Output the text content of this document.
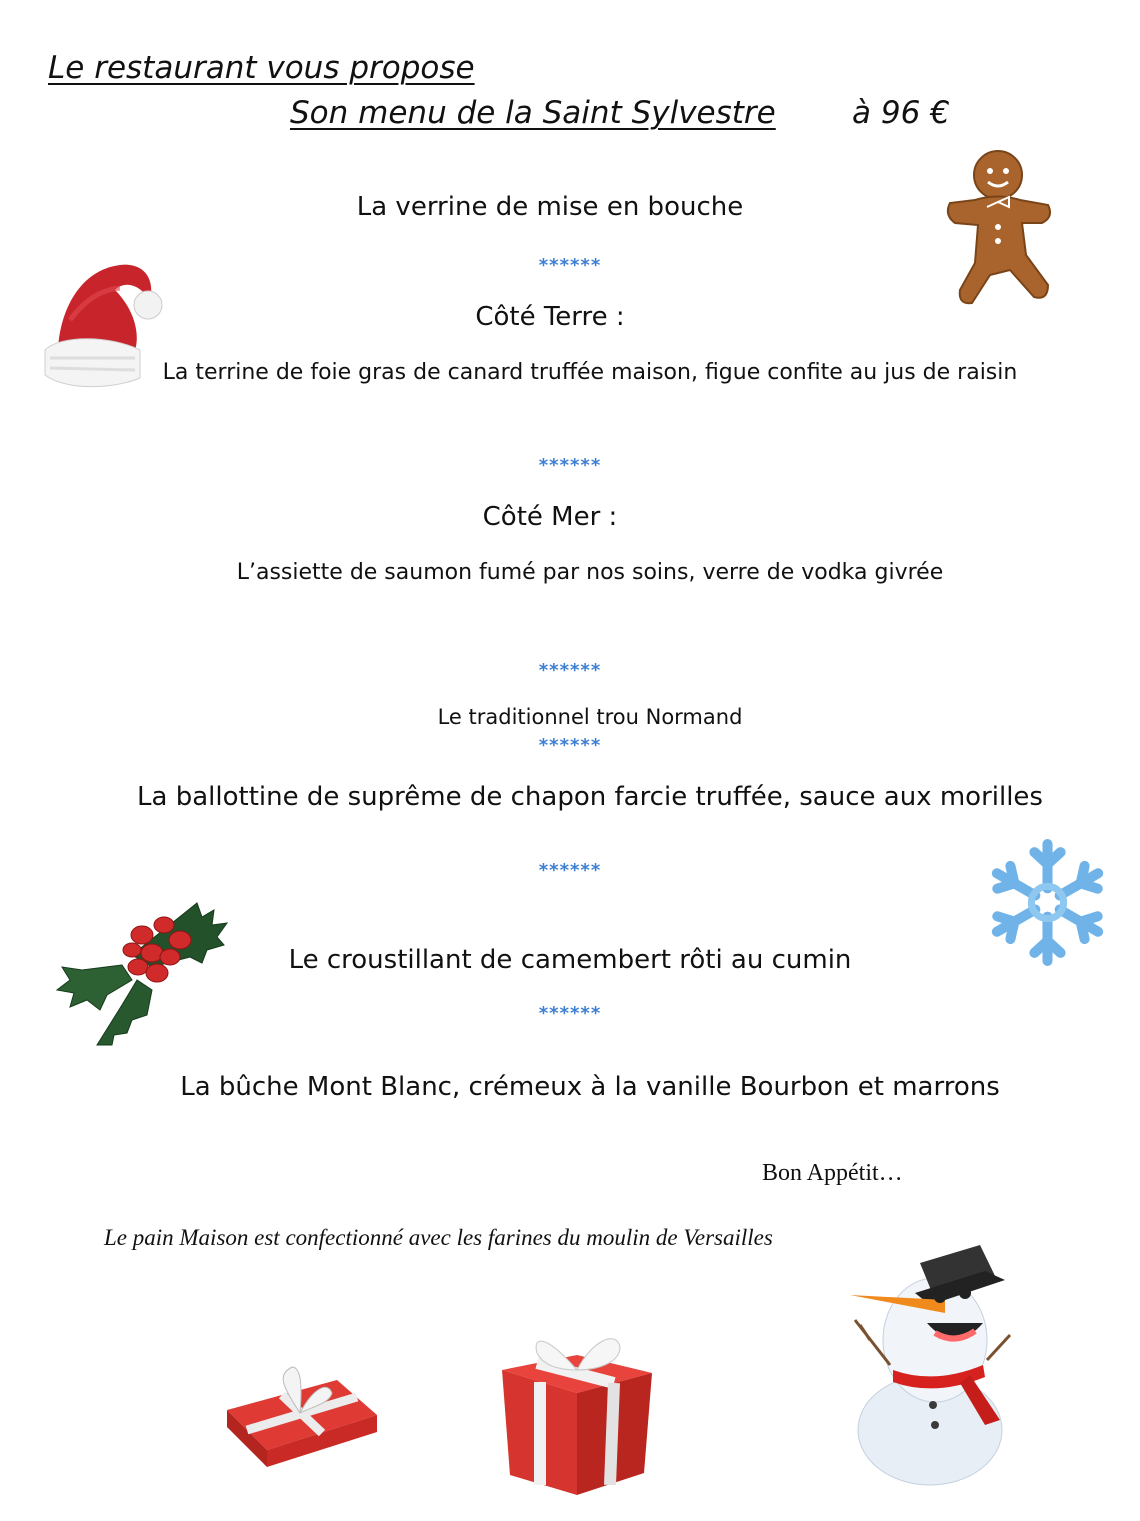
Le restaurant vous propose
Son menu de la Saint Sylvestre à 96 €
La verrine de mise en bouche
******
Côté Terre :
La terrine de foie gras de canard truffée maison, figue confite au jus de raisin
******
Côté Mer :
L’assiette de saumon fumé par nos soins, verre de vodka givrée
******
Le traditionnel trou Normand
******
La ballottine de suprême de chapon farcie truffée, sauce aux morilles
******
Le croustillant de camembert rôti au cumin
******
La bûche Mont Blanc, crémeux à la vanille Bourbon et marrons
Bon Appétit…
Le pain Maison est confectionné avec les farines du moulin de Versailles
